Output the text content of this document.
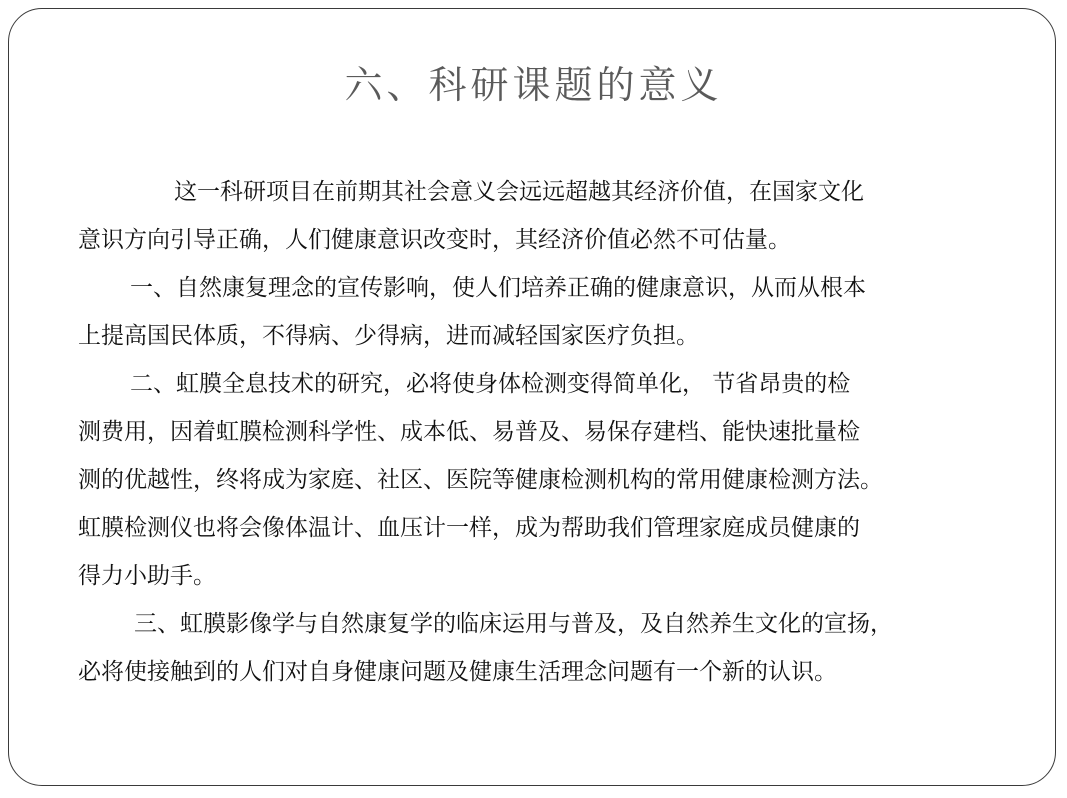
六、科研课题的意义

这一科研项目在前期其社会意义会远远超越其经济价值，在国家文化
意识方向引导正确，人们健康意识改变时，其经济价值必然不可估量。

一、自然康复理念的宣传影响，使人们培养正确的健康意识，从而从根本
上提高国民体质，不得病、少得病，进而减轻国家医疗负担。

二、虹膜全息技术的研究，必将使身体检测变得简单化， 节省昂贵的检
测费用，因着虹膜检测科学性、成本低、易普及、易保存建档、能快速批量检
测的优越性，终将成为家庭、社区、医院等健康检测机构的常用健康检测方法。
虹膜检测仪也将会像体温计、血压计一样，成为帮助我们管理家庭成员健康的
得力小助手。

三、虹膜影像学与自然康复学的临床运用与普及，及自然养生文化的宣扬，
必将使接触到的人们对自身健康问题及健康生活理念问题有一个新的认识。
